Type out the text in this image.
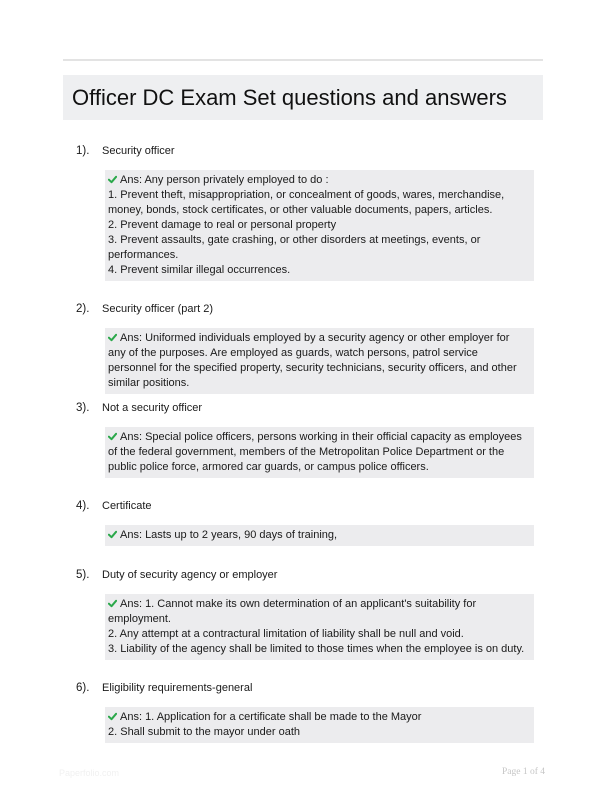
Officer DC Exam Set questions and answers
1).	Security officer
Ans: Any person privately employed to do :
1. Prevent theft, misappropriation, or concealment of goods, wares, merchandise, money, bonds, stock certificates, or other valuable documents, papers, articles.
2. Prevent damage to real or personal property
3. Prevent assaults, gate crashing, or other disorders at meetings, events, or performances.
4. Prevent similar illegal occurrences.
2).	Security officer (part 2)
Ans: Uniformed individuals employed by a security agency or other employer for any of the purposes. Are employed as guards, watch persons, patrol service personnel for the specified property, security technicians, security officers, and other similar positions.
3).	Not a security officer
Ans: Special police officers, persons working in their official capacity as employees of the federal government, members of the Metropolitan Police Department or the public police force, armored car guards, or campus police officers.
4).	Certificate
Ans: Lasts up to 2 years, 90 days of training,
5).	Duty of security agency or employer
Ans: 1. Cannot make its own determination of an applicant's suitability for employment.
2. Any attempt at a contractural limitation of liability shall be null and void.
3. Liability of the agency shall be limited to those times when the employee is on duty.
6).	Eligibility requirements-general
Ans: 1. Application for a certificate shall be made to the Mayor
2. Shall submit to the mayor under oath
Paperfolio.com	Page 1 of 4
